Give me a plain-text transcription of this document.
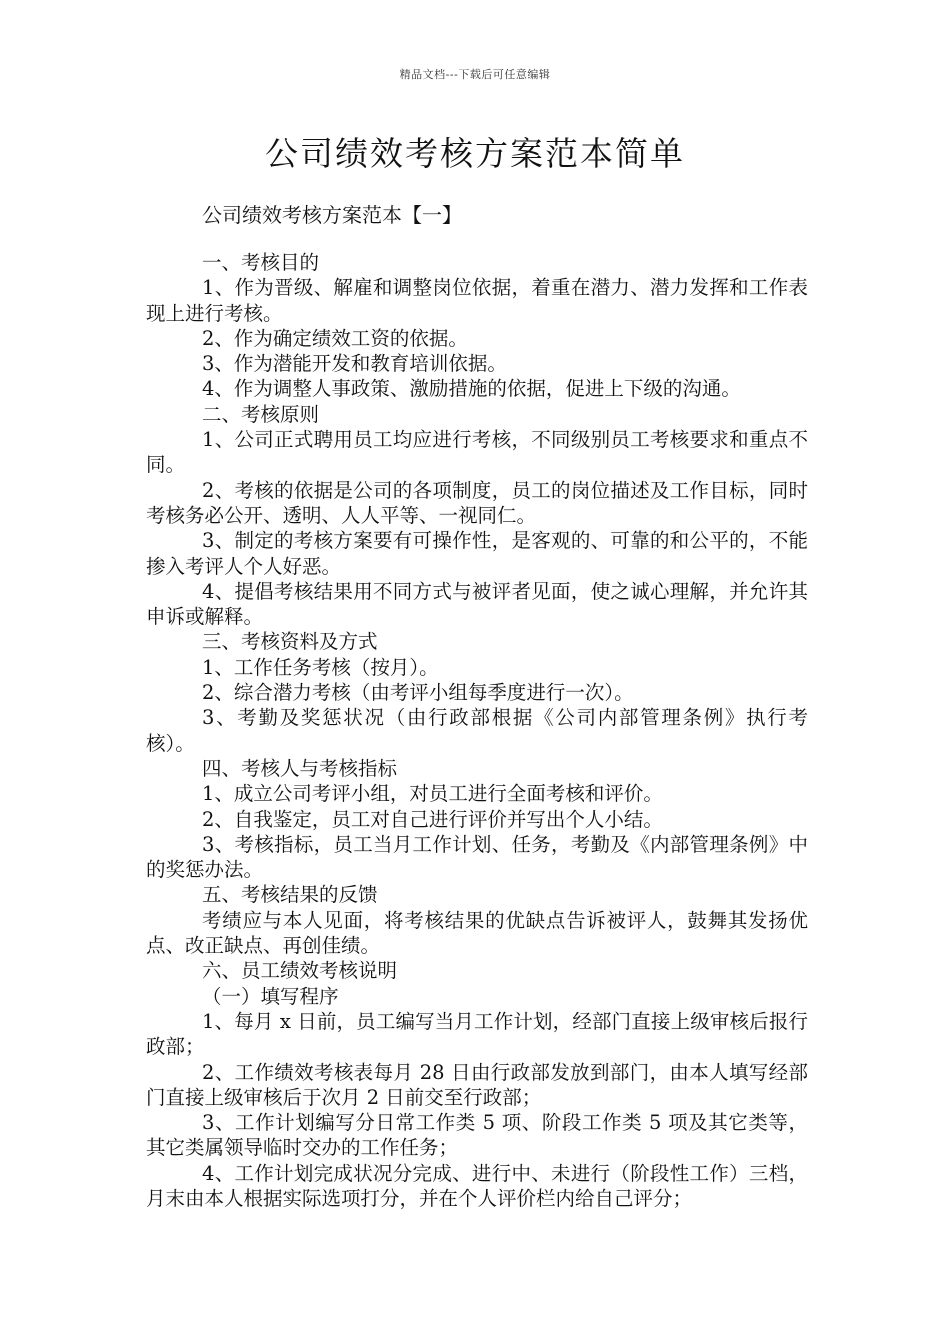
精品文档---下载后可任意编辑
公司绩效考核方案范本简单
公司绩效考核方案范本【一】

一、考核目的

1、作为晋级、解雇和调整岗位依据，着重在潜力、潜力发挥和工作表现上进行考核。

2、作为确定绩效工资的依据。

3、作为潜能开发和教育培训依据。

4、作为调整人事政策、激励措施的依据，促进上下级的沟通。

二、考核原则

1、公司正式聘用员工均应进行考核，不同级别员工考核要求和重点不同。

2、考核的依据是公司的各项制度，员工的岗位描述及工作目标，同时考核务必公开、透明、人人平等、一视同仁。

3、制定的考核方案要有可操作性，是客观的、可靠的和公平的，不能掺入考评人个人好恶。

4、提倡考核结果用不同方式与被评者见面，使之诚心理解，并允许其申诉或解释。

三、考核资料及方式

1、工作任务考核（按月）。

2、综合潜力考核（由考评小组每季度进行一次）。

3、考勤及奖惩状况（由行政部根据《公司内部管理条例》执行考核）。

四、考核人与考核指标

1、成立公司考评小组，对员工进行全面考核和评价。

2、自我鉴定，员工对自己进行评价并写出个人小结。

3、考核指标，员工当月工作计划、任务，考勤及《内部管理条例》中的奖惩办法。

五、考核结果的反馈

考绩应与本人见面，将考核结果的优缺点告诉被评人，鼓舞其发扬优点、改正缺点、再创佳绩。

六、员工绩效考核说明

（一）填写程序

1、每月 x 日前，员工编写当月工作计划，经部门直接上级审核后报行政部；

2、工作绩效考核表每月 28 日由行政部发放到部门，由本人填写经部门直接上级审核后于次月 2 日前交至行政部；

3、工作计划编写分日常工作类 5 项、阶段工作类 5 项及其它类等，其它类属领导临时交办的工作任务；

4、工作计划完成状况分完成、进行中、未进行（阶段性工作）三档，月末由本人根据实际选项打分，并在个人评价栏内给自己评分；
